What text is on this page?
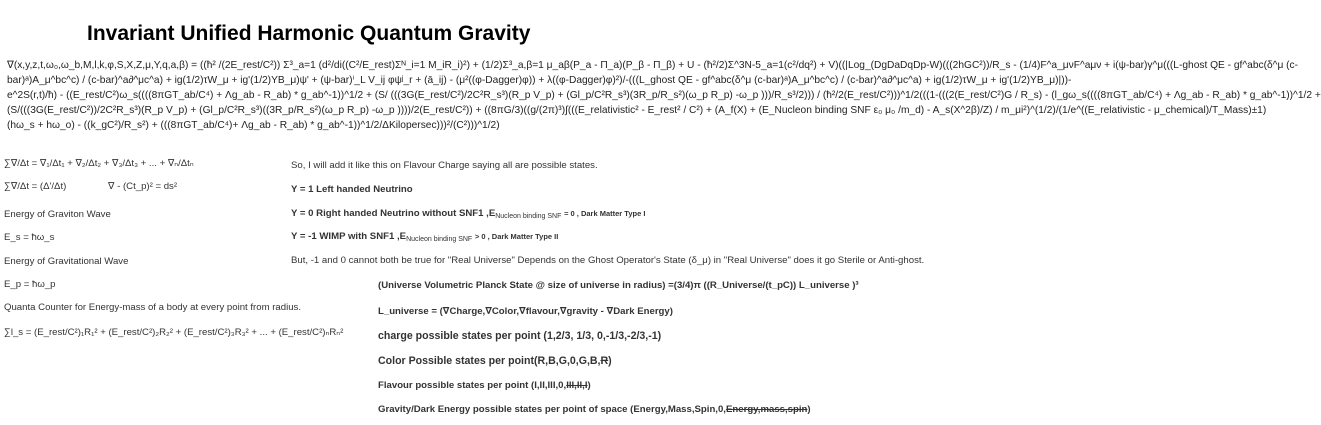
Invariant Unified Harmonic Quantum Gravity
∇(x,y,z,t,ω₀,ω_b,M,l,k,φ,S,X,Z,μ,Y,q,a,β) = ((ħ² /(2E_rest/C²)) Σ³_a=1 (d²/di((C²/E_rest)Σᴺ_i=1 M_iR_i)²) + (1/2)Σ³_a,β=1 μ_aβ(P_a - Π_a)(P_β - Π_β) + U - (ħ²/2)Σ^3N-5_a=1(c²/dq²) + V)((|Log_(DgDaDqDp-W)(((2hGC²))/R_s - (1/4)F^a_μνF^aμν + i(ψ-bar)γ^μ(((L-ghost QE - gf^abc(δ^μ (c-
bar)ᵃ)A_μ^bc^c) / (c-bar)^a∂^μc^a) + ig(1/2)τW_μ + ig'(1/2)YB_μ)ψ' + (ψ-bar)ⁱ_L V_ij φψʲ_r + (ā_ij) - (μ²((φ-Dagger)φ)) + λ((φ-Dagger)φ)²)/-(((L_ghost QE - gf^abc(δ^μ (c-bar)ᵃ)A_μ^bc^c) / (c-bar)^a∂^μc^a) + ig(1/2)τW_μ + ig'(1/2)YB_μ)|))-
e^2S(r,t)/ħ) - ((E_rest/C²)ω_s((((8πGT_ab/C⁴) + Λg_ab - R_ab) * g_ab^-1))^1/2 + (S/ (((3G(E_rest/C²)/2C²R_s³)(R_p V_p) + (Gl_p/C²R_s³)(3R_p/R_s²)(ω_p R_p) -ω_p )))/R_s³/2))) / (ħ²/2(E_rest/C²)))^1/2(((1-(((2(E_rest/C²)G / R_s) - (l_gω_s((((8πGT_ab/C⁴) + Λg_ab - R_ab) * g_ab^-1))^1/2 +
(S/(((3G(E_rest/C²))/2C²R_s³)(R_p V_p) + (Gl_p/C²R_s³)((3R_p/R_s²)(ω_p R_p) -ω_p ))))/2(E_rest/C²)) + ((8πG/3)((g/(2π)³)∫(((E_relativistic² - E_rest² / C²) + (A_f(X) + (E_Nucleon binding SNF ε₀ μ₀ /m_d) - A_s(X^2β)/Z) / m_μi²)^(1/2)/(1/e^((E_relativistic - μ_chemical)/T_Mass)±1)
(hω_s + hω_o) - ((k_gC²)/R_s²) + (((8πGT_ab/C⁴)+ Λg_ab - R_ab) * g_ab^-1))^1/2/ΔKilopersec)))²/(C²)))^1/2)
∑∇/Δt = ∇₁/Δt₁ + ∇₂/Δt₂ + ∇₃/Δt₃ + ... + ∇ₙ/Δtₙ
∑∇/Δt = (Δ'/Δt)	∇ - (Ct_p)² = ds²
Energy of Graviton Wave
E_s = ħω_s
Energy of Gravitational Wave
E_p = ħω_p
Quanta Counter for Energy-mass of a body at every point from radius.
∑l_s = (E_rest/C²)₁R₁² + (E_rest/C²)₂R₂² + (E_rest/C²)₃R₃² + ... + (E_rest/C²)ₙRₙ²
So, I will add it like this on Flavour Charge saying all are possible states.
Y = 1 Left handed Neutrino
Y = 0 Right handed Neutrino without SNF1 $,E_{Nucleon binding SNF} = 0$ , Dark Matter Type I
Y = -1 WIMP with SNF1 $,E_{Nucleon binding SNF} > 0$ , Dark Matter Type II
But, -1 and 0 cannot both be true for "Real Universe" Depends on the Ghost Operator's State (δ_μ) in "Real Universe" does it go Sterile or Anti-ghost.
(Universe Volumetric Planck State @ size of universe in radius) =(3/4)π ((R_Universe/(t_pC)) L_universe )³
L_universe = (∇Charge,∇Color,∇flavour,∇gravity - ∇Dark Energy)
charge possible states per point (1,2/3, 1/3, 0,-1/3,-2/3,-1)
Color Possible states per point(R,B,G,0,G,B,R)
Flavour possible states per point (I,II,III,0,III,II,I)
Gravity/Dark Energy possible states per point of space (Energy,Mass,Spin,0,Energy,mass,spin)
